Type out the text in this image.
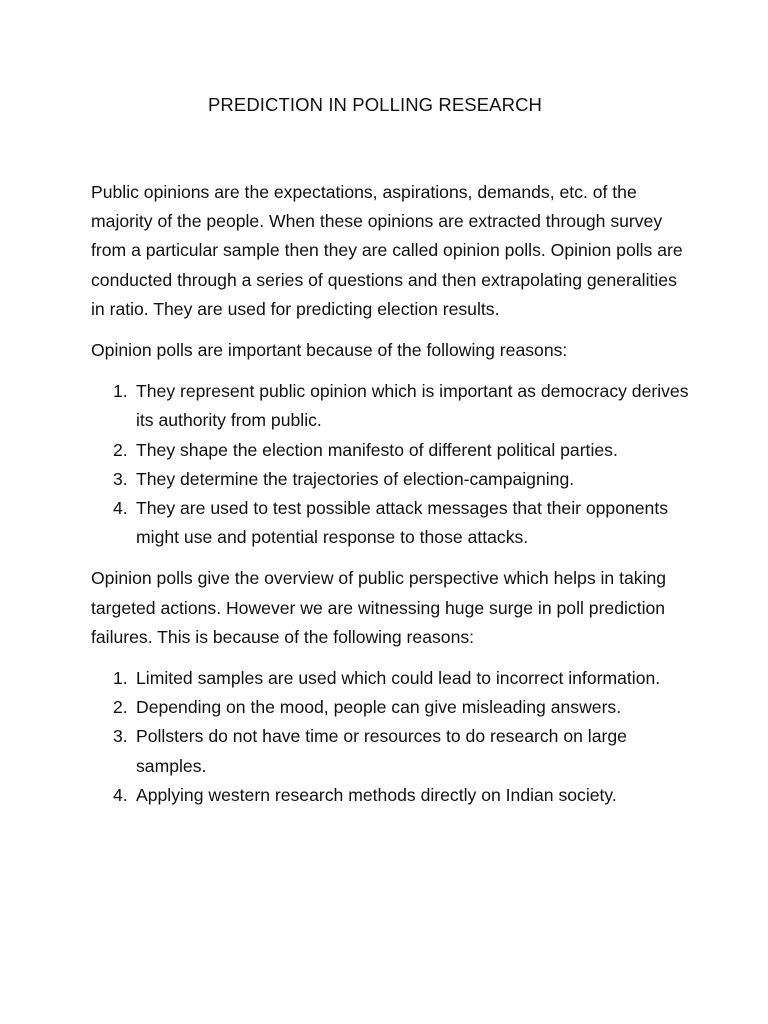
PREDICTION IN POLLING RESEARCH

Public opinions are the expectations, aspirations, demands, etc. of the majority of the people. When these opinions are extracted through survey from a particular sample then they are called opinion polls. Opinion polls are conducted through a series of questions and then extrapolating generalities in ratio. They are used for predicting election results.

Opinion polls are important because of the following reasons:

1. They represent public opinion which is important as democracy derives its authority from public.
2. They shape the election manifesto of different political parties.
3. They determine the trajectories of election-campaigning.
4. They are used to test possible attack messages that their opponents might use and potential response to those attacks.

Opinion polls give the overview of public perspective which helps in taking targeted actions. However we are witnessing huge surge in poll prediction failures. This is because of the following reasons:

1. Limited samples are used which could lead to incorrect information.
2. Depending on the mood, people can give misleading answers.
3. Pollsters do not have time or resources to do research on large samples.
4. Applying western research methods directly on Indian society.
